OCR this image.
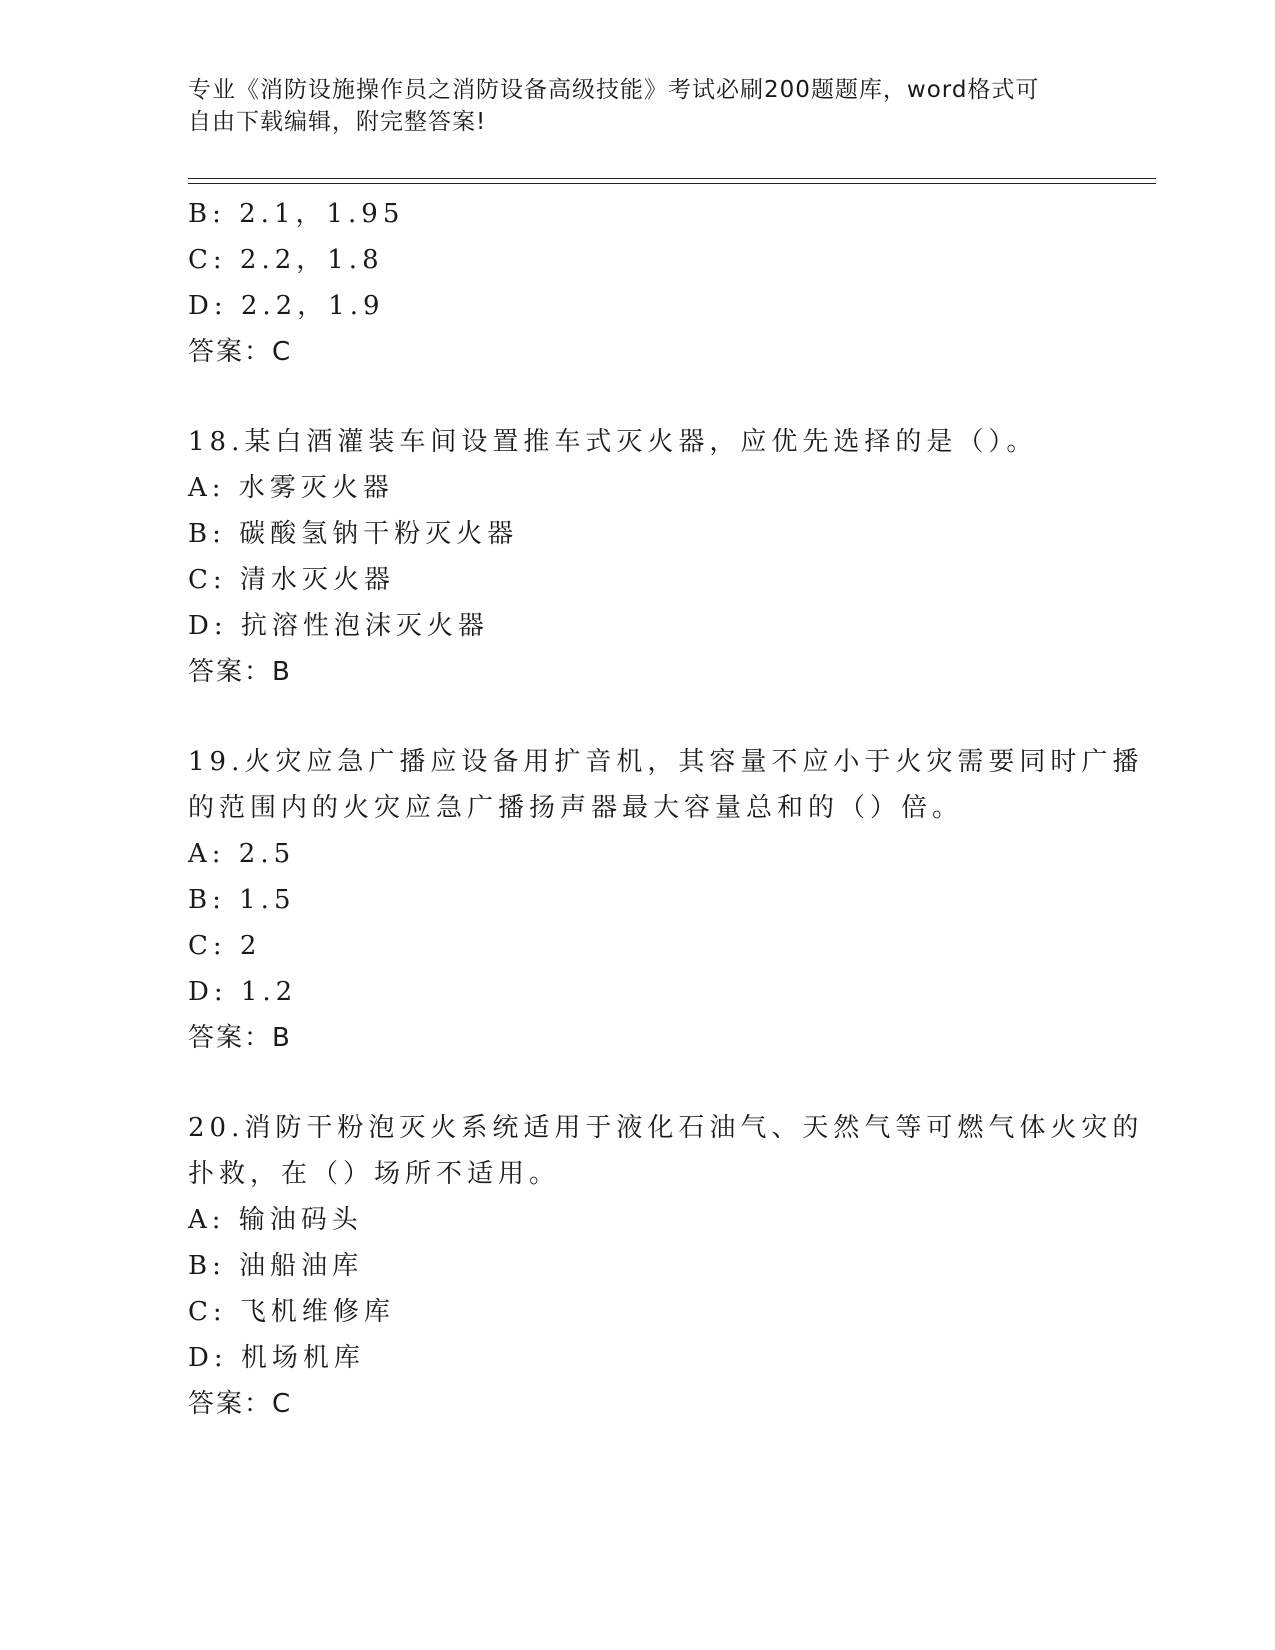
专业《消防设施操作员之消防设备高级技能》考试必刷200题题库，word格式可
自由下载编辑，附完整答案!
B: 2.1，1.95
C: 2.2，1.8
D: 2.2，1.9
答案：C
18.某白酒灌装车间设置推车式灭火器，应优先选择的是（）。
A: 水雾灭火器
B: 碳酸氢钠干粉灭火器
C: 清水灭火器
D: 抗溶性泡沫灭火器
答案：B
19.火灾应急广播应设备用扩音机，其容量不应小于火灾需要同时广播
的范围内的火灾应急广播扬声器最大容量总和的（）倍。
A: 2.5
B: 1.5
C: 2
D: 1.2
答案：B
20.消防干粉泡灭火系统适用于液化石油气、天然气等可燃气体火灾的
扑救，在（）场所不适用。
A: 输油码头
B: 油船油库
C: 飞机维修库
D: 机场机库
答案：C
